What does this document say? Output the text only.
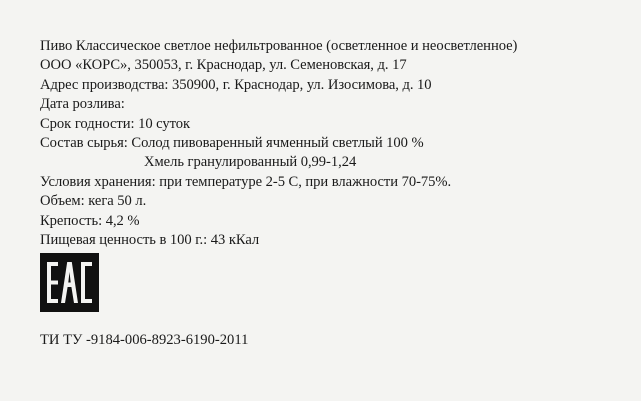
Пиво Классическое светлое нефильтрованное (осветленное и неосветленное)
ООО «КОРС», 350053, г. Краснодар, ул. Семеновская, д. 17
Адрес производства: 350900, г. Краснодар, ул. Изосимова, д. 10
Дата розлива:
Срок годности: 10 суток
Состав сырья: Солод пивоваренный ячменный светлый 100 %
Хмель гранулированный 0,99-1,24
Условия хранения: при температуре 2-5 С, при влажности 70-75%.
Объем: кега 50 л.
Крепость: 4,2 %
Пищевая ценность в 100 г.: 43 кКал
ТИ ТУ -9184-006-8923-6190-2011
